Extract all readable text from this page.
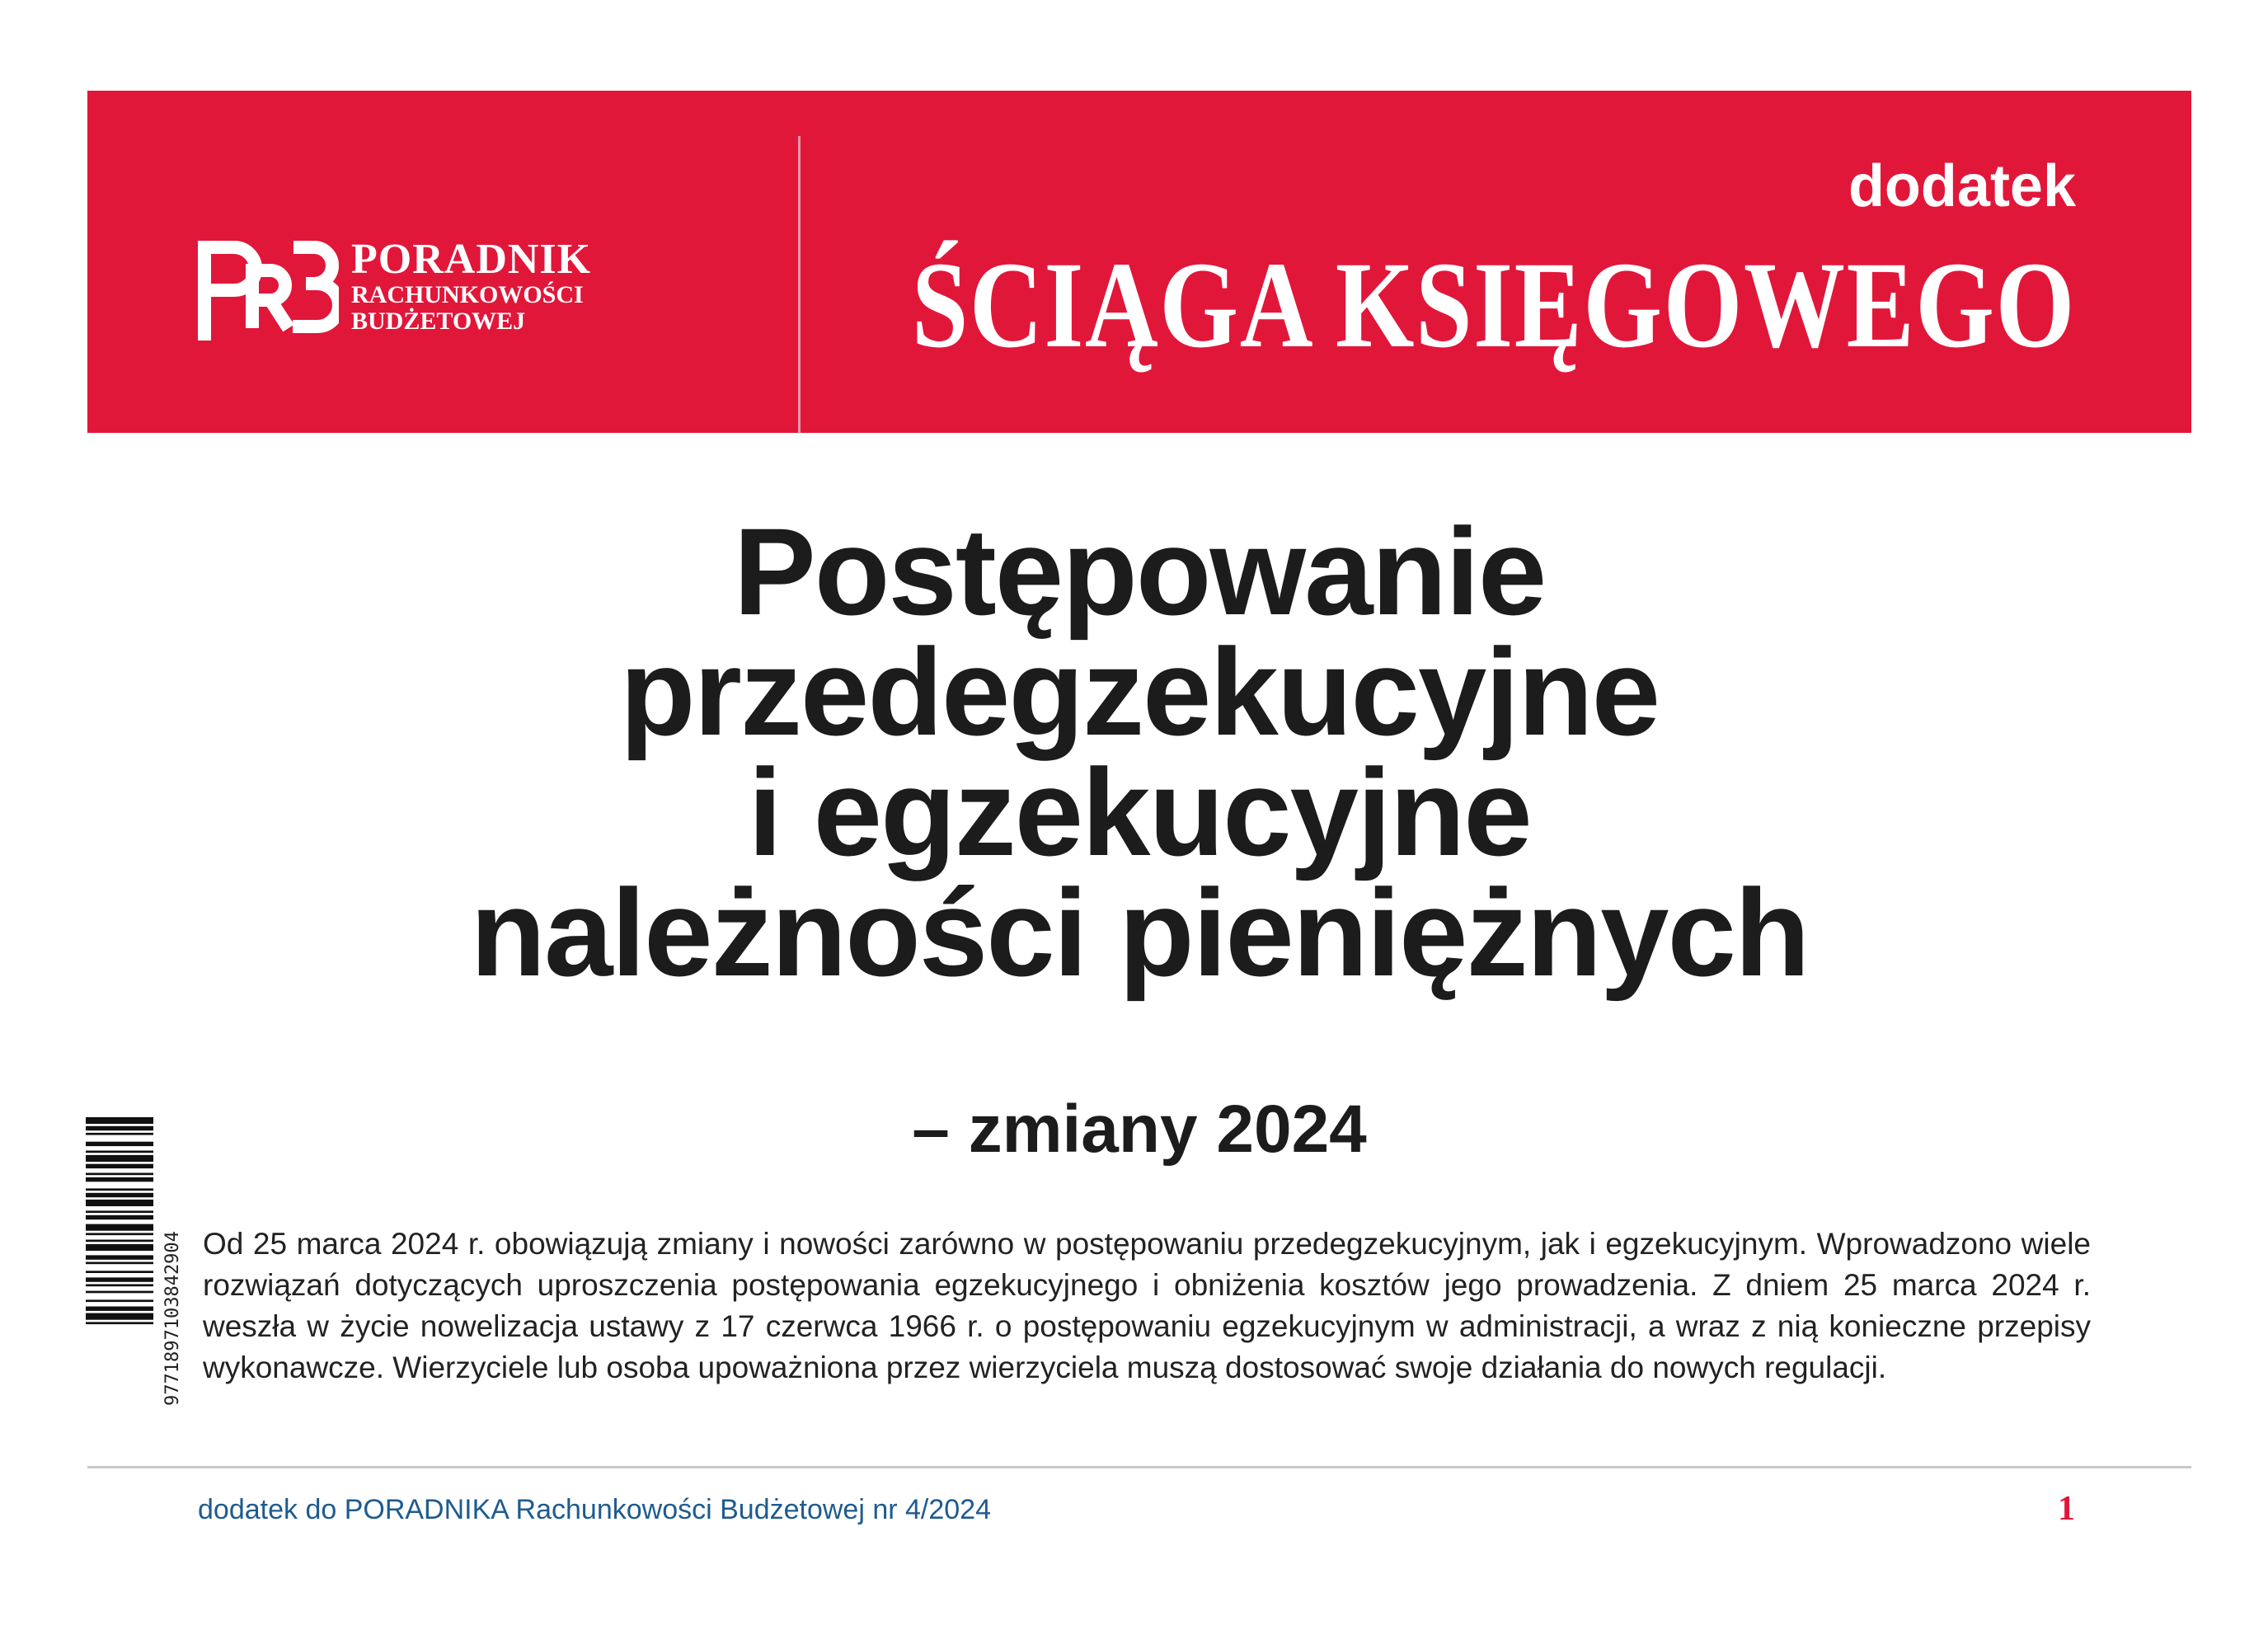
PORADNIK
RACHUNKOWOŚCI
BUDŻETOWEJ
dodatek
ŚCIĄGA KSIĘGOWEGO
Postępowanie
przedegzekucyjne
i egzekucyjne
należności pieniężnych
– zmiany 2024
9771897103842904 Od 25 marca 2024 r. obowiązują zmiany i nowości zarówno w postępowaniu przedegzekucyjnym, jak i egzekucyjnym. Wprowadzono wiele rozwiązań dotyczących uproszczenia postępowania egzekucyjnego i obniżenia kosztów jego prowadzenia. Z dniem 25 marca 2024 r. weszła w życie nowelizacja ustawy z 17 czerwca 1966 r. o postępowaniu egzekucyjnym w administracji, a wraz z nią konieczne przepisy wykonawcze. Wierzyciele lub osoba upoważniona przez wierzyciela muszą dostosować swoje działania do nowych regulacji.
dodatek do PORADNIKA Rachunkowości Budżetowej nr 4/2024	1
